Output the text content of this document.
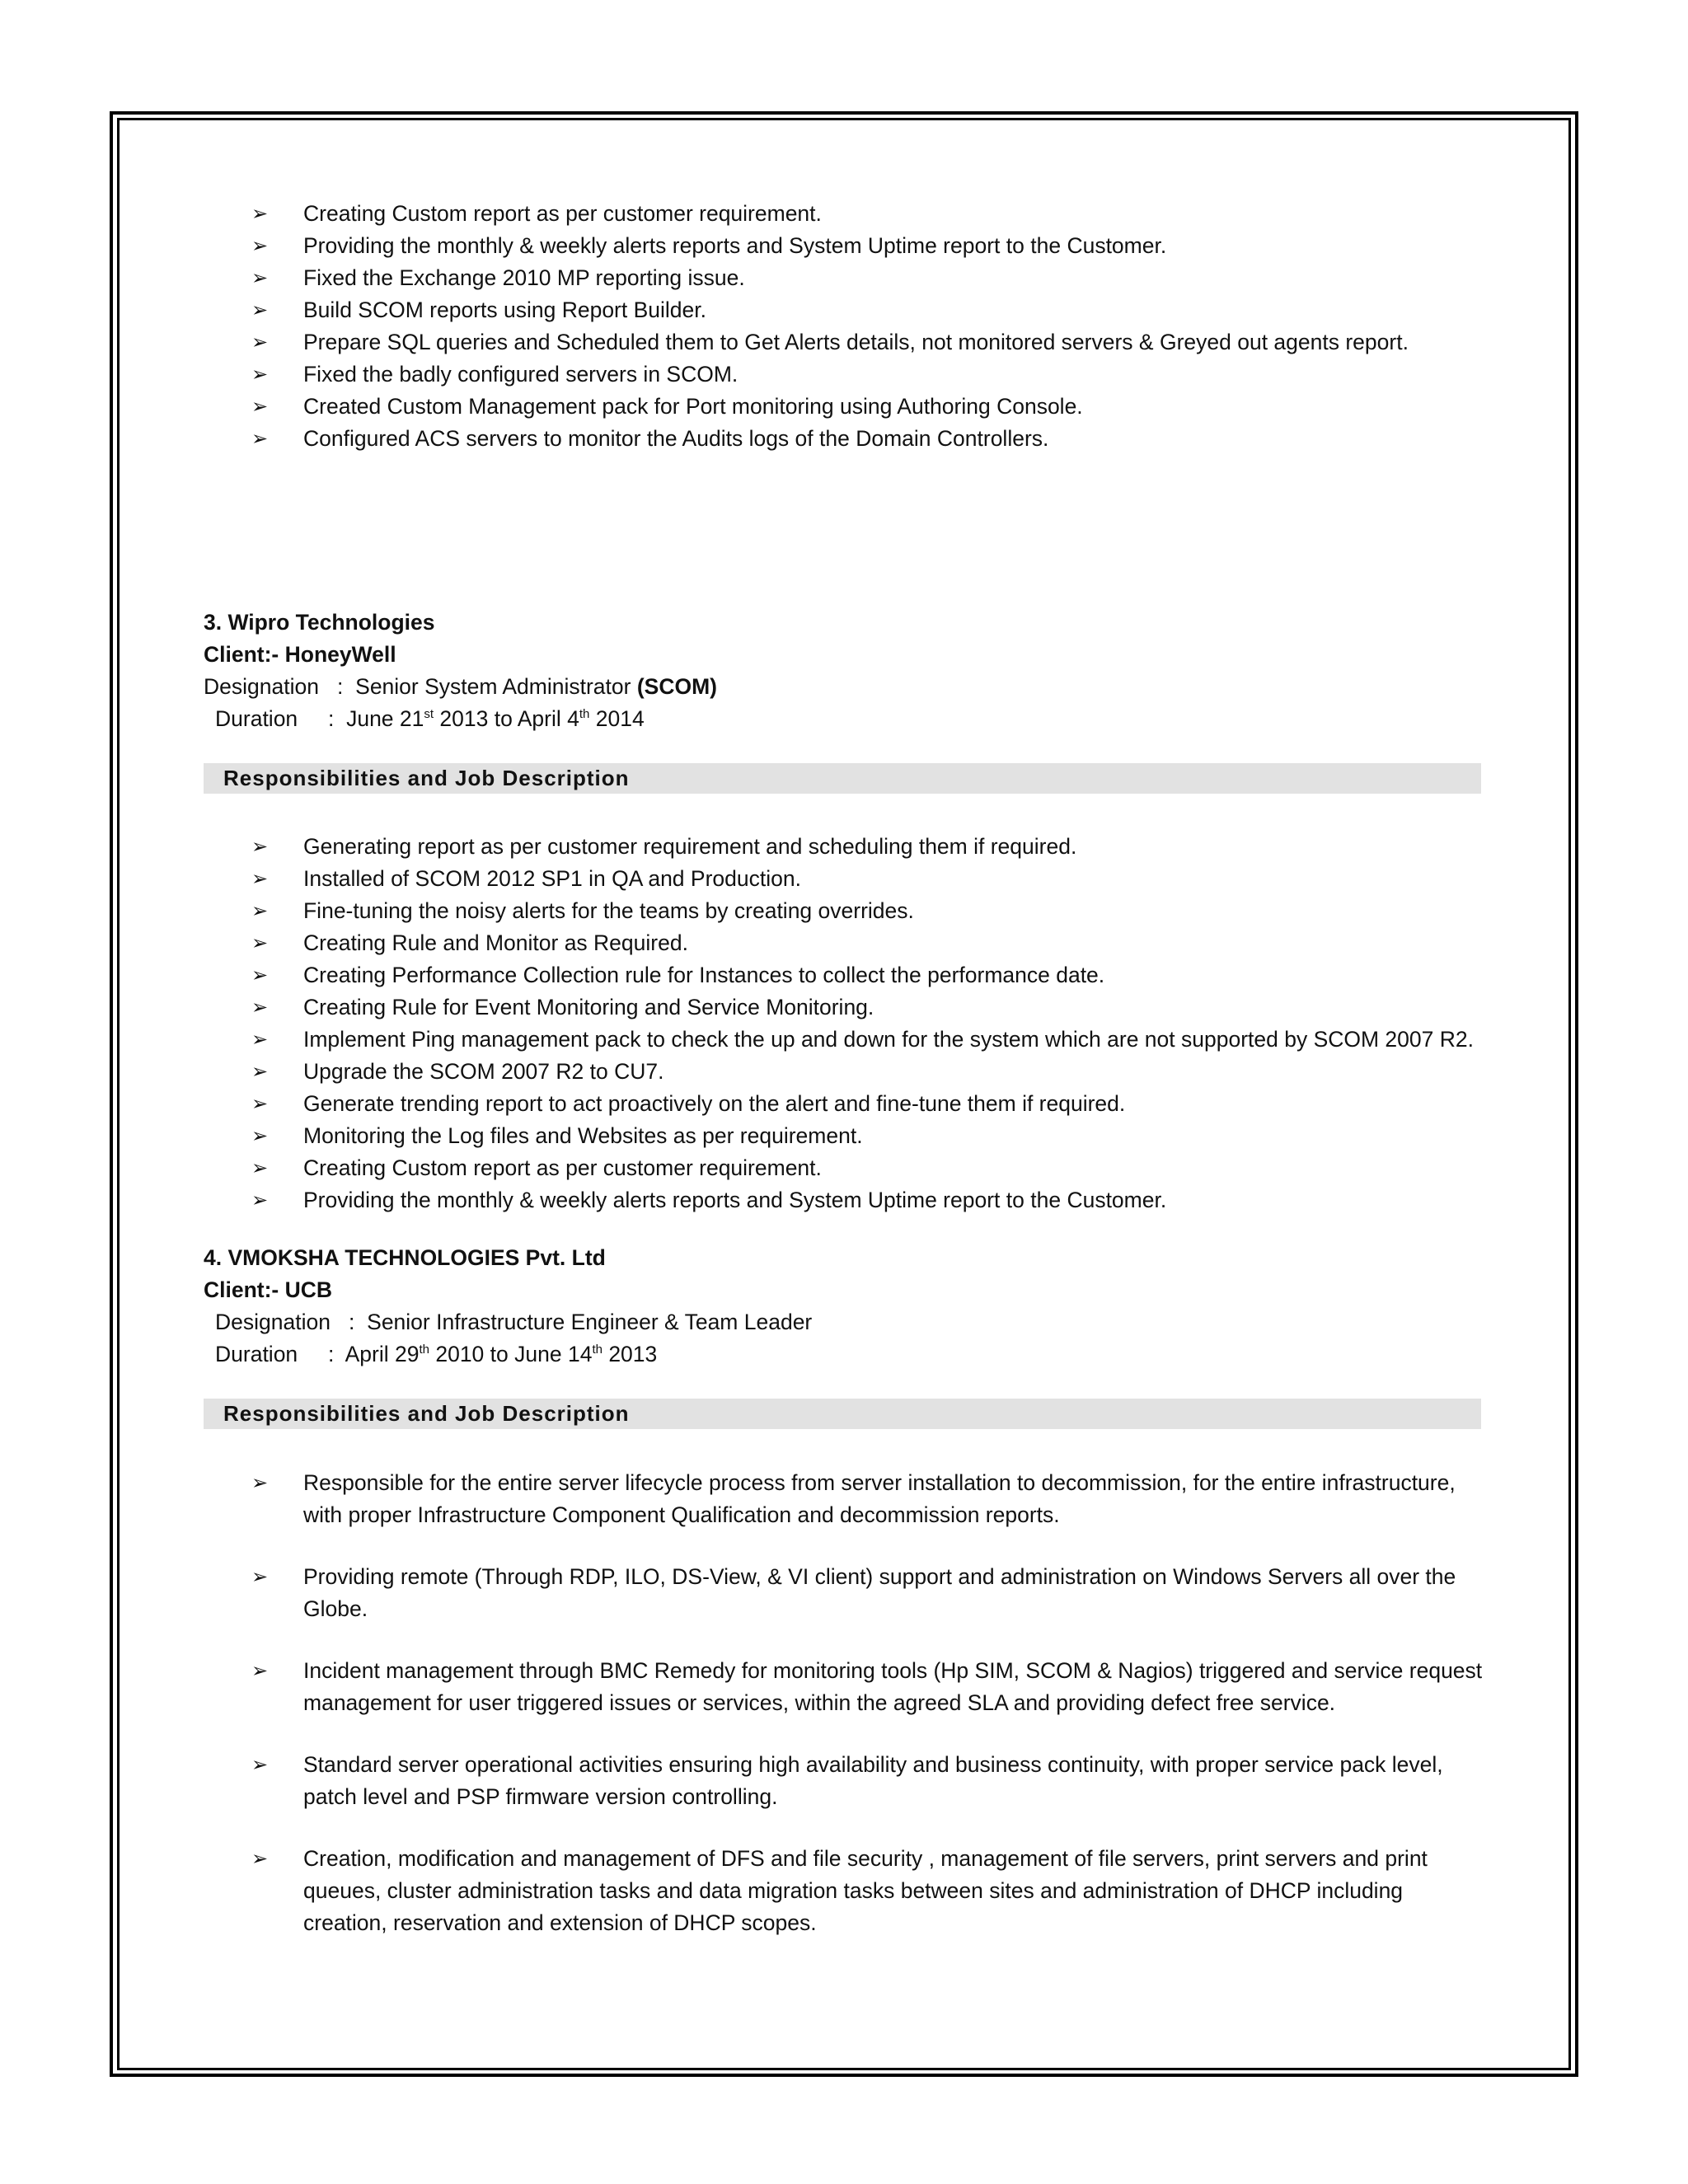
➢ Creating Custom report as per customer requirement.
➢ Providing the monthly & weekly alerts reports and System Uptime report to the Customer.
➢ Fixed the Exchange 2010 MP reporting issue.
➢ Build SCOM reports using Report Builder.
➢ Prepare SQL queries and Scheduled them to Get Alerts details, not monitored servers & Greyed out agents report.
➢ Fixed the badly configured servers in SCOM.
➢ Created Custom Management pack for Port monitoring using Authoring Console.
➢ Configured ACS servers to monitor the Audits logs of the Domain Controllers.
3. Wipro Technologies
Client:- HoneyWell
Designation   :  Senior System Administrator (SCOM)
Duration     :  June 21st 2013 to April 4th 2014
Responsibilities and Job Description
➢ Generating report as per customer requirement and scheduling them if required.
➢ Installed of SCOM 2012 SP1 in QA and Production.
➢ Fine-tuning the noisy alerts for the teams by creating overrides.
➢ Creating Rule and Monitor as Required.
➢ Creating Performance Collection rule for Instances to collect the performance date.
➢ Creating Rule for Event Monitoring and Service Monitoring.
➢ Implement Ping management pack to check the up and down for the system which are not supported by SCOM 2007 R2.
➢ Upgrade the SCOM 2007 R2 to CU7.
➢ Generate trending report to act proactively on the alert and fine-tune them if required.
➢ Monitoring the Log files and Websites as per requirement.
➢ Creating Custom report as per customer requirement.
➢ Providing the monthly & weekly alerts reports and System Uptime report to the Customer.
4. VMOKSHA TECHNOLOGIES Pvt. Ltd
Client:- UCB
Designation   :  Senior Infrastructure Engineer & Team Leader
Duration     :  April 29th 2010 to June 14th 2013
Responsibilities and Job Description
➢ Responsible for the entire server lifecycle process from server installation to decommission, for the entire infrastructure, with proper Infrastructure Component Qualification and decommission reports.
➢ Providing remote (Through RDP, ILO, DS-View, & VI client) support and administration on Windows Servers all over the Globe.
➢ Incident management through BMC Remedy for monitoring tools (Hp SIM, SCOM & Nagios) triggered and service request management for user triggered issues or services, within the agreed SLA and providing defect free service.
➢ Standard server operational activities ensuring high availability and business continuity, with proper service pack level, patch level and PSP firmware version controlling.
➢ Creation, modification and management of DFS and file security , management of file servers, print servers and print queues, cluster administration tasks and data migration tasks between sites and administration of DHCP including creation, reservation and extension of DHCP scopes.
